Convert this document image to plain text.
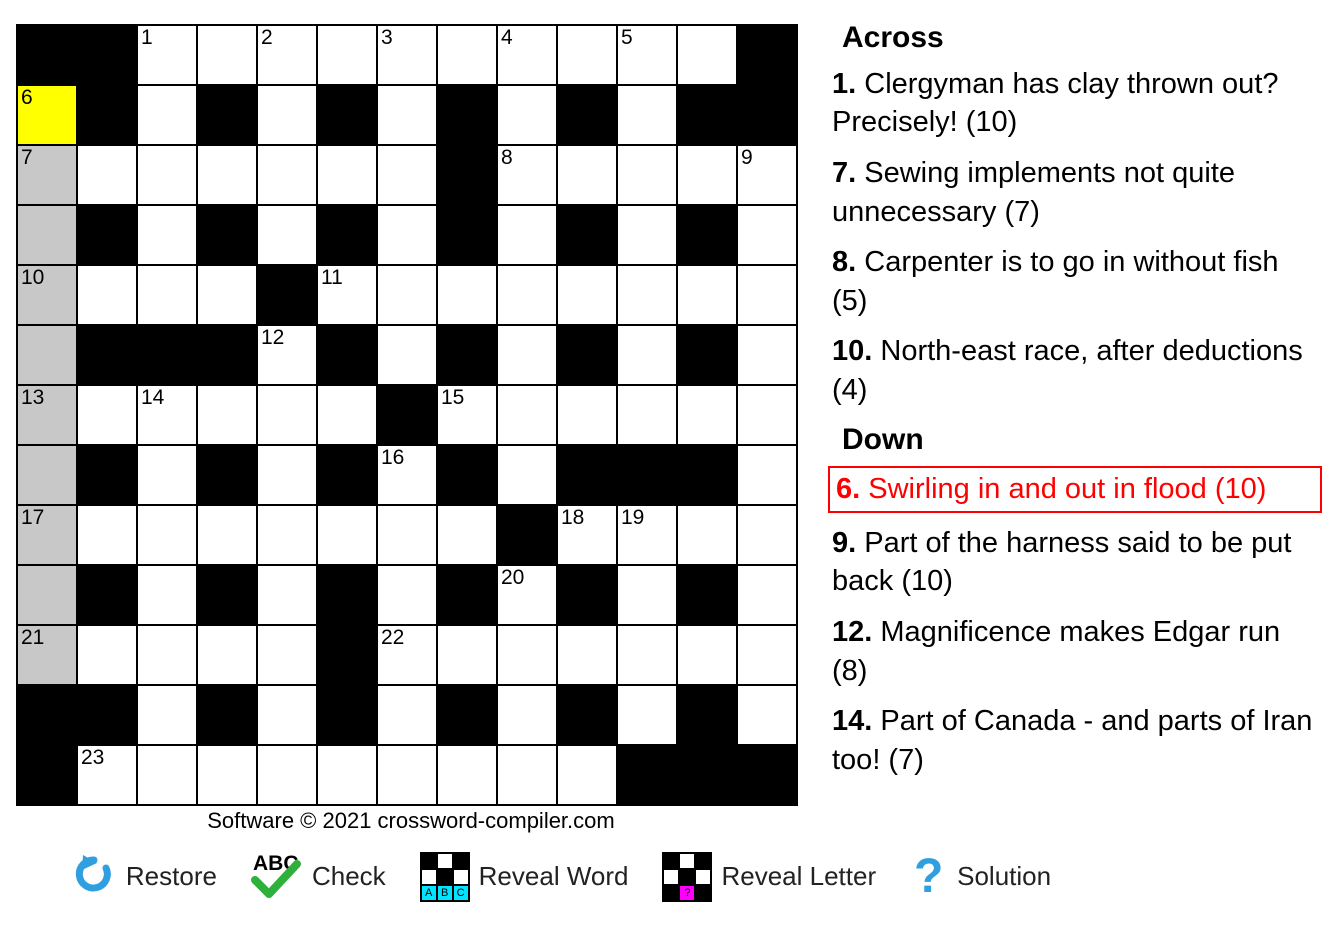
		1		2		3		4		5		

6												

7								8				9

10					11							

				12								

13		14					15					

						16						

17									18	19		

								20				

21						22						

	23											

Software © 2021 crossword-compiler.com
Restore ABC Check
A B C
Reveal Word
?
Reveal Letter ? Solution
Across
1. Clergyman has clay thrown out? Precisely! (10)
7. Sewing implements not quite unnecessary (7)
8. Carpenter is to go in without fish (5)
10. North-east race, after deductions (4)
Down
6. Swirling in and out in flood (10)
9. Part of the harness said to be put back (10)
12. Magnificence makes Edgar run (8)
14. Part of Canada - and parts of Iran too! (7)
